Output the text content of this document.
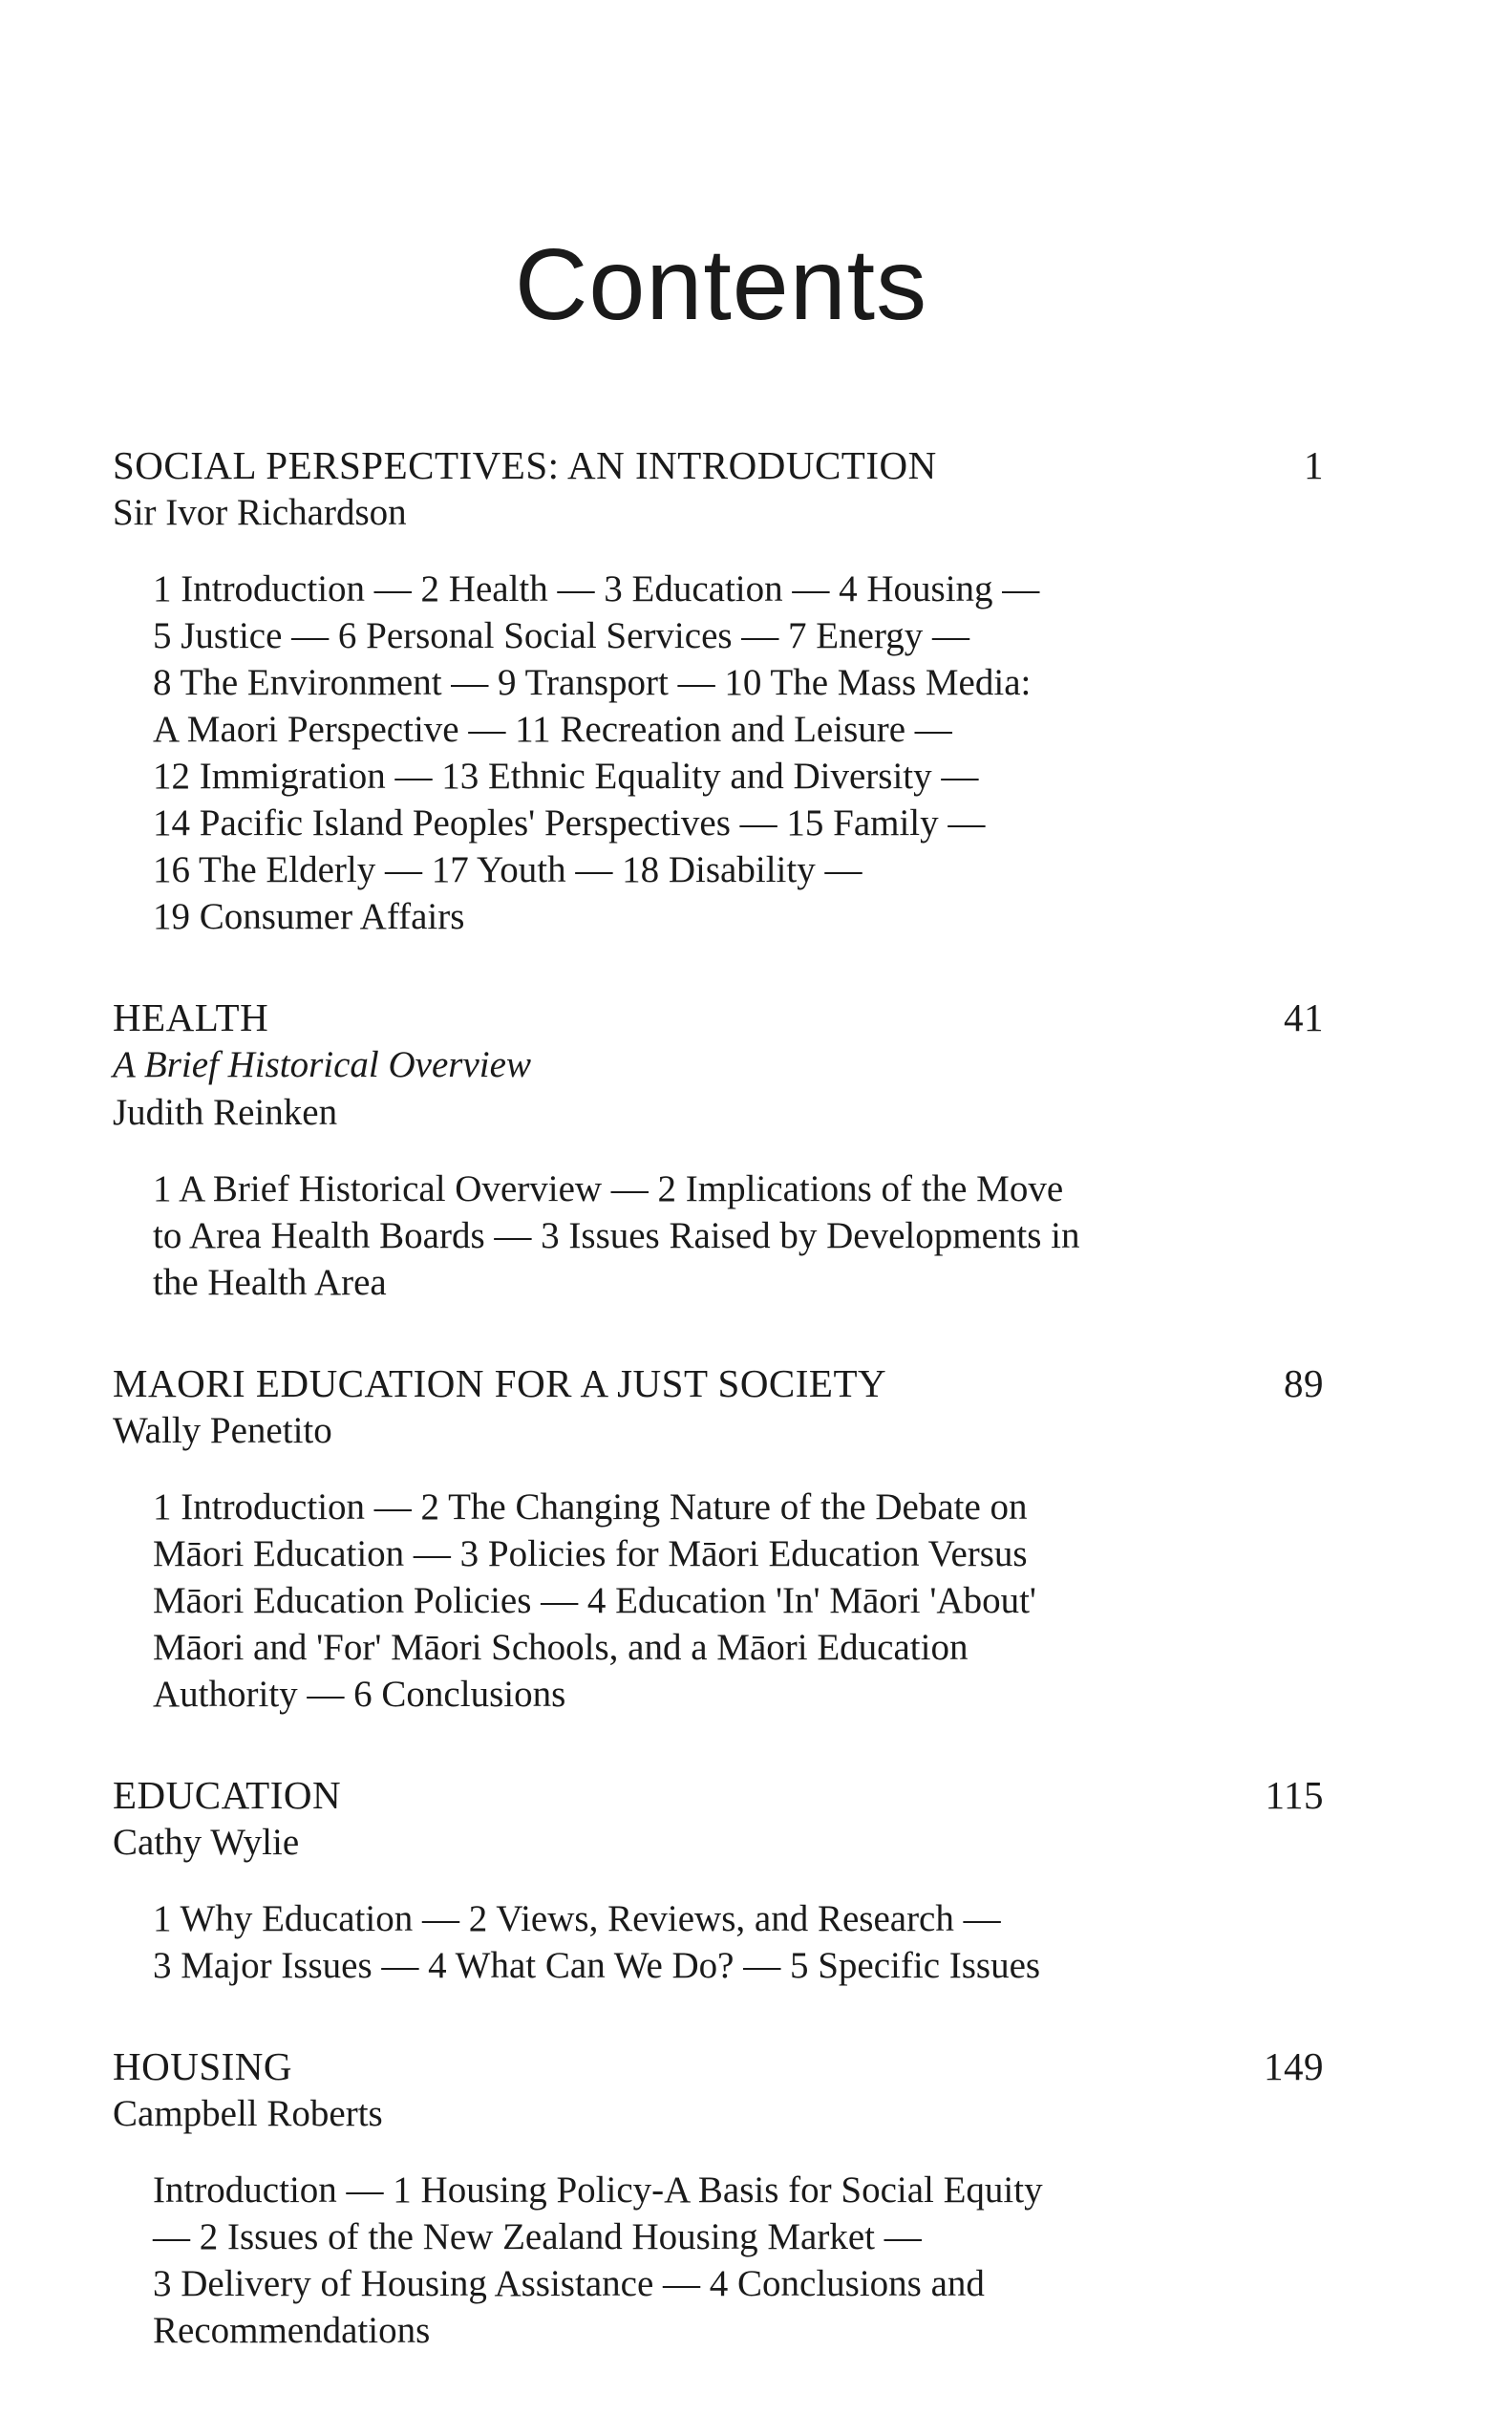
Contents
SOCIAL PERSPECTIVES: AN INTRODUCTION	1
Sir Ivor Richardson
1 Introduction — 2 Health — 3 Education — 4 Housing —
5 Justice — 6 Personal Social Services — 7 Energy —
8 The Environment — 9 Transport — 10 The Mass Media:
A Maori Perspective — 11 Recreation and Leisure —
12 Immigration — 13 Ethnic Equality and Diversity —
14 Pacific Island Peoples' Perspectives — 15 Family —
16 The Elderly — 17 Youth — 18 Disability —
19 Consumer Affairs
HEALTH	41
A Brief Historical Overview
Judith Reinken
1 A Brief Historical Overview — 2 Implications of the Move
to Area Health Boards — 3 Issues Raised by Developments in
the Health Area
MAORI EDUCATION FOR A JUST SOCIETY	89
Wally Penetito
1 Introduction — 2 The Changing Nature of the Debate on
Māori Education — 3 Policies for Māori Education Versus
Māori Education Policies — 4 Education 'In' Māori 'About'
Māori and 'For' Māori Schools, and a Māori Education
Authority — 6 Conclusions
EDUCATION	115
Cathy Wylie
1 Why Education — 2 Views, Reviews, and Research —
3 Major Issues — 4 What Can We Do? — 5 Specific Issues
HOUSING	149
Campbell Roberts
Introduction — 1 Housing Policy-A Basis for Social Equity
— 2 Issues of the New Zealand Housing Market —
3 Delivery of Housing Assistance — 4 Conclusions and
Recommendations
